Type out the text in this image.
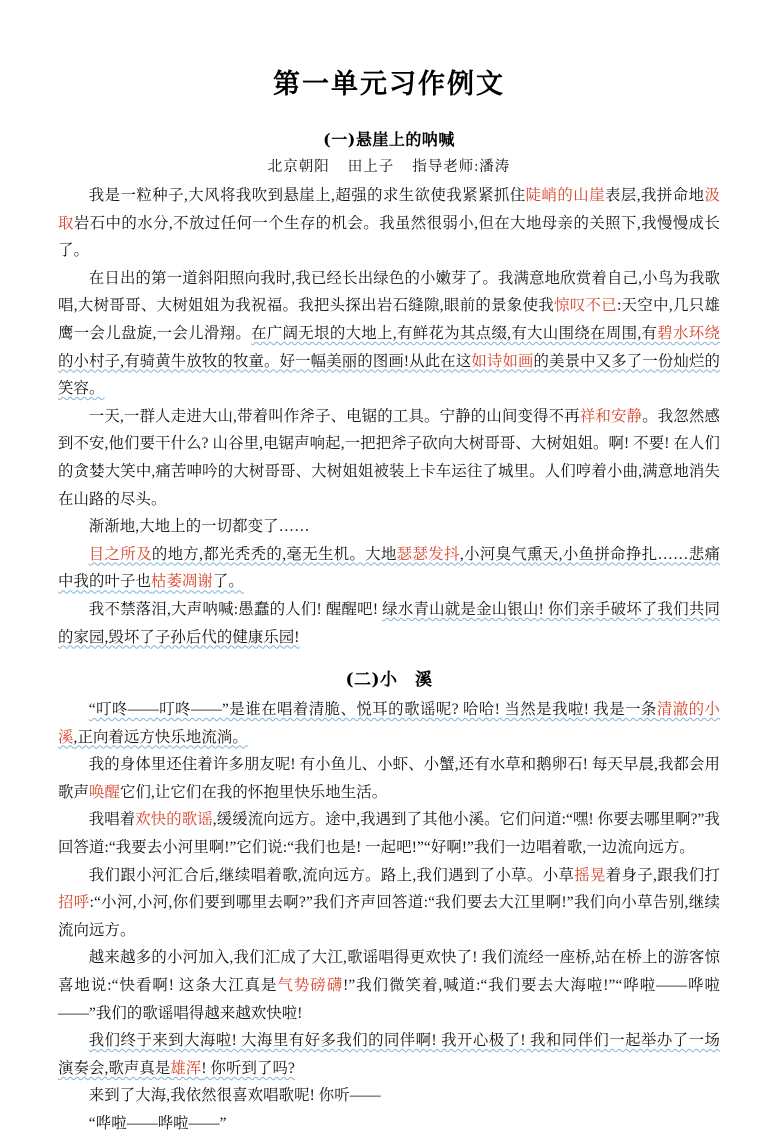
第一单元习作例文
(一)悬崖上的呐喊
北京朝阳 田上子 指导老师:潘涛

我是一粒种子,大风将我吹到悬崖上,超强的求生欲使我紧紧抓住陡峭的山崖表层,我拼命地汲取岩石中的水分,不放过任何一个生存的机会。我虽然很弱小,但在大地母亲的关照下,我慢慢成长了。

在日出的第一道斜阳照向我时,我已经长出绿色的小嫩芽了。我满意地欣赏着自己,小鸟为我歌唱,大树哥哥、大树姐姐为我祝福。我把头探出岩石缝隙,眼前的景象使我惊叹不已:天空中,几只雄鹰一会儿盘旋,一会儿滑翔。在广阔无垠的大地上,有鲜花为其点缀,有大山围绕在周围,有碧水环绕的小村子,有骑黄牛放牧的牧童。好一幅美丽的图画!从此在这如诗如画的美景中又多了一份灿烂的笑容。

一天,一群人走进大山,带着叫作斧子、电锯的工具。宁静的山间变得不再祥和安静。我忽然感到不安,他们要干什么? 山谷里,电锯声响起,一把把斧子砍向大树哥哥、大树姐姐。啊! 不要! 在人们的贪婪大笑中,痛苦呻吟的大树哥哥、大树姐姐被装上卡车运往了城里。人们哼着小曲,满意地消失在山路的尽头。

渐渐地,大地上的一切都变了……

目之所及的地方,都光秃秃的,毫无生机。大地瑟瑟发抖,小河臭气熏天,小鱼拼命挣扎……悲痛中我的叶子也枯萎凋谢了。

我不禁落泪,大声呐喊:愚蠢的人们! 醒醒吧! 绿水青山就是金山银山! 你们亲手破坏了我们共同的家园,毁坏了子孙后代的健康乐园!

(二)小　溪

“叮咚——叮咚——”是谁在唱着清脆、悦耳的歌谣呢? 哈哈! 当然是我啦! 我是一条清澈的小溪,正向着远方快乐地流淌。

我的身体里还住着许多朋友呢! 有小鱼儿、小虾、小蟹,还有水草和鹅卵石! 每天早晨,我都会用歌声唤醒它们,让它们在我的怀抱里快乐地生活。

我唱着欢快的歌谣,缓缓流向远方。途中,我遇到了其他小溪。它们问道:“嘿! 你要去哪里啊?”我回答道:“我要去小河里啊!”它们说:“我们也是! 一起吧!”“好啊!”我们一边唱着歌,一边流向远方。

我们跟小河汇合后,继续唱着歌,流向远方。路上,我们遇到了小草。小草摇晃着身子,跟我们打招呼:“小河,小河,你们要到哪里去啊?”我们齐声回答道:“我们要去大江里啊!”我们向小草告别,继续流向远方。

越来越多的小河加入,我们汇成了大江,歌谣唱得更欢快了! 我们流经一座桥,站在桥上的游客惊喜地说:“快看啊! 这条大江真是气势磅礴!”我们微笑着,喊道:“我们要去大海啦!”“哗啦——哗啦——”我们的歌谣唱得越来越欢快啦!

我们终于来到大海啦! 大海里有好多我们的同伴啊! 我开心极了! 我和同伴们一起举办了一场演奏会,歌声真是雄浑! 你听到了吗?

来到了大海,我依然很喜欢唱歌呢! 你听——

“哗啦——哗啦——”
